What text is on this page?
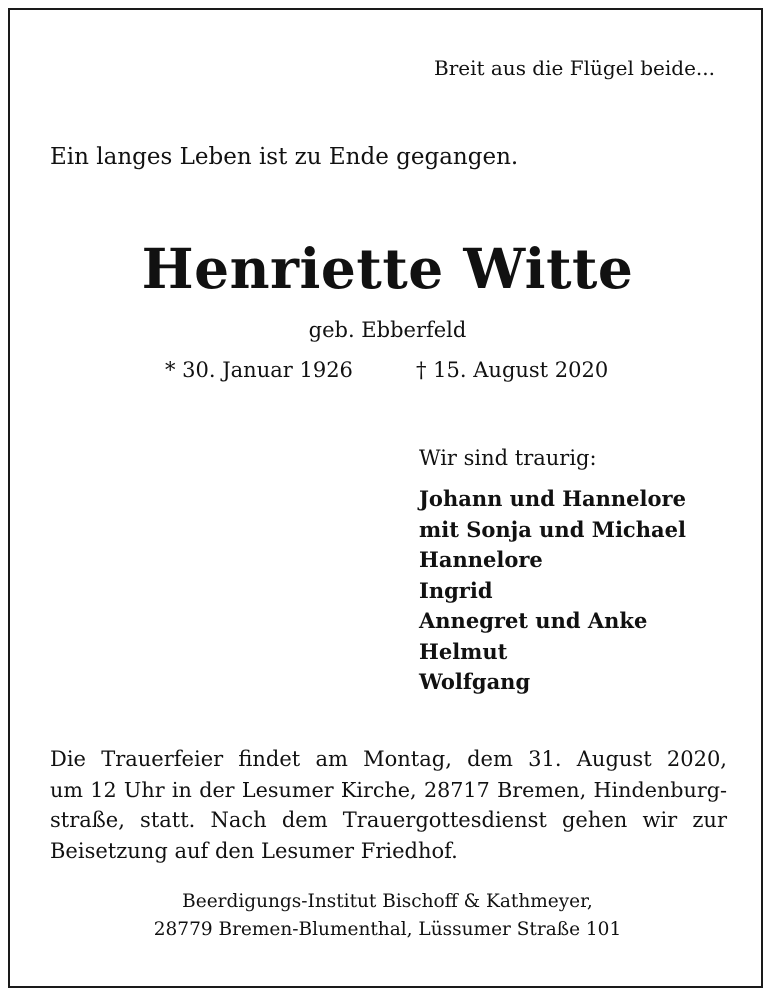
Breit aus die Flügel beide...
Ein langes Leben ist zu Ende gegangen.
Henriette Witte
geb. Ebberfeld
* 30. Januar 1926	† 15. August 2020
Wir sind traurig:
Johann und Hannelore
mit Sonja und Michael
Hannelore
Ingrid
Annegret und Anke
Helmut
Wolfgang
Die Trauerfeier findet am Montag, dem 31. August 2020,
um 12 Uhr in der Lesumer Kirche, 28717 Bremen, Hindenburg-
straße, statt. Nach dem Trauergottesdienst gehen wir zur
Beisetzung auf den Lesumer Friedhof.
Beerdigungs-Institut Bischoff & Kathmeyer,
28779 Bremen-Blumenthal, Lüssumer Straße 101
